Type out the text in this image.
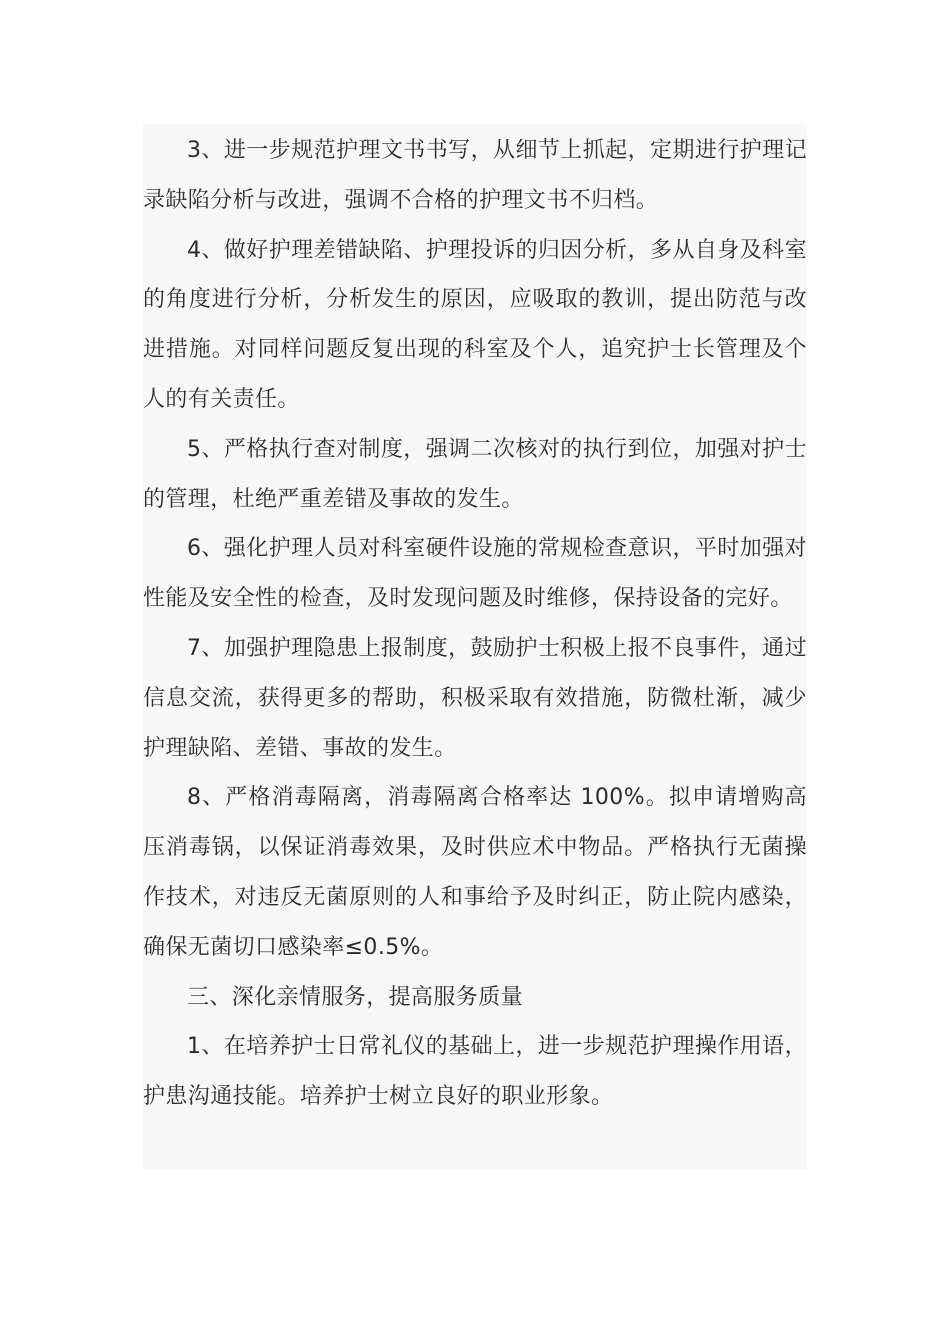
3、进一步规范护理文书书写，从细节上抓起，定期进行护理记录缺陷分析与改进，强调不合格的护理文书不归档。

4、做好护理差错缺陷、护理投诉的归因分析，多从自身及科室的角度进行分析，分析发生的原因，应吸取的教训，提出防范与改进措施。对同样问题反复出现的科室及个人，追究护士长管理及个人的有关责任。

5、严格执行查对制度，强调二次核对的执行到位，加强对护士的管理，杜绝严重差错及事故的发生。

6、强化护理人员对科室硬件设施的常规检查意识，平时加强对性能及安全性的检查，及时发现问题及时维修，保持设备的完好。

7、加强护理隐患上报制度，鼓励护士积极上报不良事件，通过信息交流，获得更多的帮助，积极采取有效措施，防微杜渐，减少护理缺陷、差错、事故的发生。

8、严格消毒隔离，消毒隔离合格率达 100%。拟申请增购高压消毒锅，以保证消毒效果，及时供应术中物品。严格执行无菌操作技术，对违反无菌原则的人和事给予及时纠正，防止院内感染，确保无菌切口感染率≤0.5%。

三、深化亲情服务，提高服务质量

1、在培养护士日常礼仪的基础上，进一步规范护理操作用语，护患沟通技能。培养护士树立良好的职业形象。
